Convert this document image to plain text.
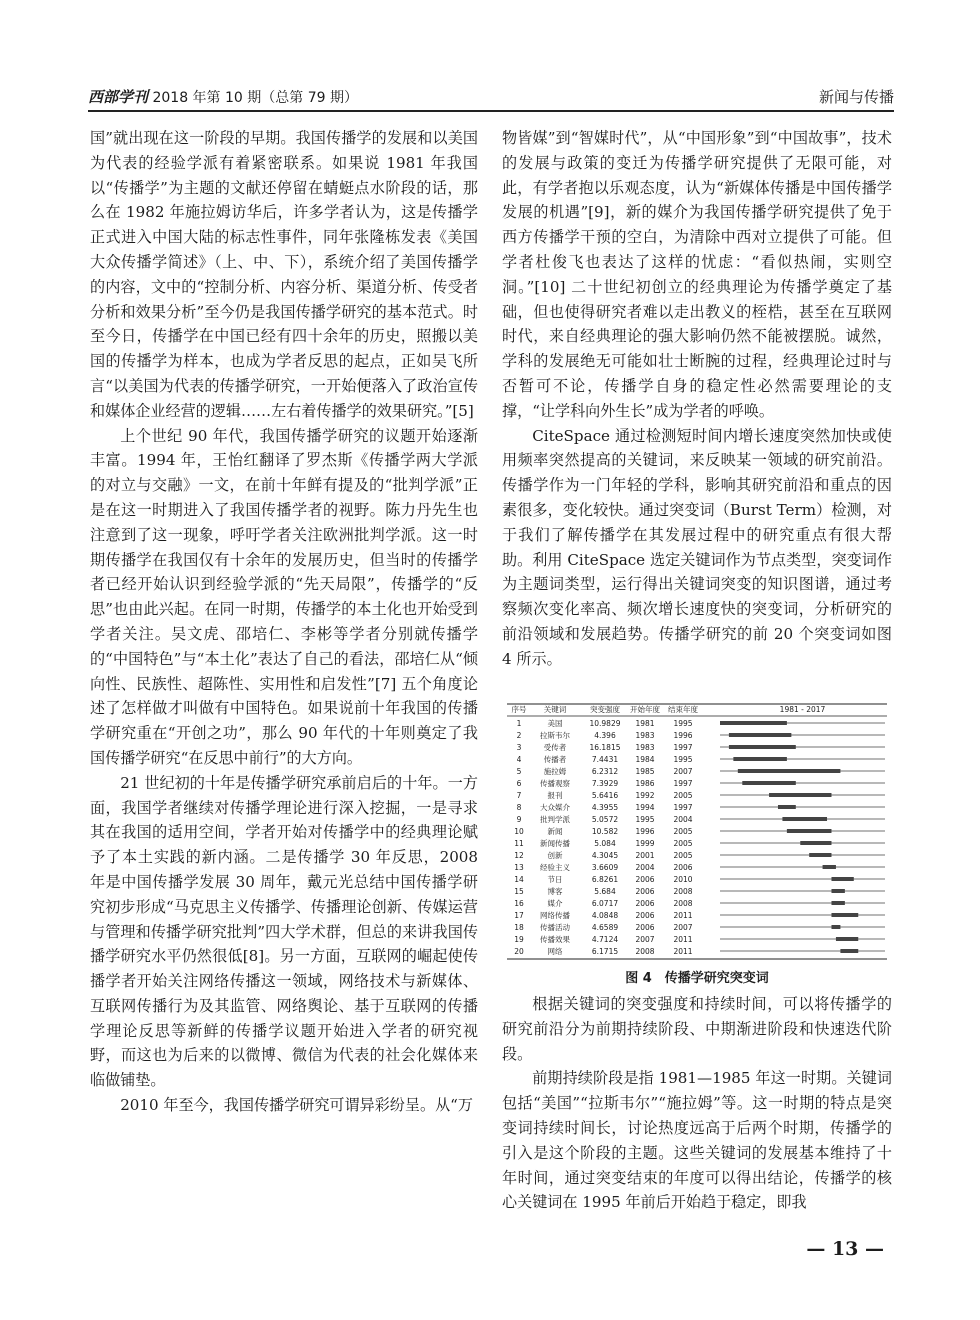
西部学刊 2018 年第 10 期（总第 79 期）	新闻与传播

国”就出现在这一阶段的早期。我国传播学的发展和以美国为代表的经验学派有着紧密联系。如果说 1981 年我国以“传播学”为主题的文献还停留在蜻蜓点水阶段的话，那么在 1982 年施拉姆访华后，许多学者认为，这是传播学正式进入中国大陆的标志性事件，同年张隆栋发表《美国大众传播学简述》（上、中、下），系统介绍了美国传播学的内容，文中的“控制分析、内容分析、渠道分析、传受者分析和效果分析”至今仍是我国传播学研究的基本范式。时至今日，传播学在中国已经有四十余年的历史，照搬以美国的传播学为样本，也成为学者反思的起点，正如吴飞所言“以美国为代表的传播学研究，一开始便落入了政治宣传和媒体企业经营的逻辑……左右着传播学的效果研究。”[5]

上个世纪 90 年代，我国传播学研究的议题开始逐渐丰富。1994 年，王怡红翻译了罗杰斯《传播学两大学派的对立与交融》一文，在前十年鲜有提及的“批判学派”正是在这一时期进入了我国传播学者的视野。陈力丹先生也注意到了这一现象，呼吁学者关注欧洲批判学派。这一时期传播学在我国仅有十余年的发展历史，但当时的传播学者已经开始认识到经验学派的“先天局限”，传播学的“反思”也由此兴起。在同一时期，传播学的本土化也开始受到学者关注。吴文虎、邵培仁、李彬等学者分别就传播学的“中国特色”与“本土化”表达了自己的看法，邵培仁从“倾向性、民族性、超陈性、实用性和启发性”[7] 五个角度论述了怎样做才叫做有中国特色。如果说前十年我国的传播学研究重在“开创之功”，那么 90 年代的十年则奠定了我国传播学研究“在反思中前行”的大方向。

21 世纪初的十年是传播学研究承前启后的十年。一方面，我国学者继续对传播学理论进行深入挖掘，一是寻求其在我国的适用空间，学者开始对传播学中的经典理论赋予了本土实践的新内涵。二是传播学 30 年反思，2008 年是中国传播学发展 30 周年，戴元光总结中国传播学研究初步形成“马克思主义传播学、传播理论创新、传媒运营与管理和传播学研究批判”四大学术群，但总的来讲我国传播学研究水平仍然很低[8]。另一方面，互联网的崛起使传播学者开始关注网络传播这一领域，网络技术与新媒体、互联网传播行为及其监管、网络舆论、基于互联网的传播学理论反思等新鲜的传播学议题开始进入学者的研究视野，而这也为后来的以微博、微信为代表的社会化媒体来临做铺垫。

2010 年至今，我国传播学研究可谓异彩纷呈。从“万

物皆媒”到“智媒时代”，从“中国形象”到“中国故事”，技术的发展与政策的变迁为传播学研究提供了无限可能，对此，有学者抱以乐观态度，认为“新媒体传播是中国传播学发展的机遇”[9]，新的媒介为我国传播学研究提供了免于西方传播学干预的空白，为清除中西对立提供了可能。但学者杜俊飞也表达了这样的忧虑：“看似热闹，实则空洞。”[10] 二十世纪初创立的经典理论为传播学奠定了基础，但也使得研究者难以走出教义的桎梏，甚至在互联网时代，来自经典理论的强大影响仍然不能被摆脱。诚然，学科的发展绝无可能如壮士断腕的过程，经典理论过时与否暂可不论，传播学自身的稳定性必然需要理论的支撑，“让学科向外生长”成为学者的呼唤。

CiteSpace 通过检测短时间内增长速度突然加快或使用频率突然提高的关键词，来反映某一领域的研究前沿。传播学作为一门年轻的学科，影响其研究前沿和重点的因素很多，变化较快。通过突变词（Burst Term）检测，对于我们了解传播学在其发展过程中的研究重点有很大帮助。利用 CiteSpace 选定关键词作为节点类型，突变词作为主题词类型，运行得出关键词突变的知识图谱，通过考察频次变化率高、频次增长速度快的突变词，分析研究的前沿领域和发展趋势。传播学研究的前 20 个突变词如图 4 所示。

序号 关键词	突变强度 开始年度 结束年度	1981 - 2017
1	美国	10.9829 1981	1995
2 拉斯韦尔	4.396	1983	1996
3	受传者	16.1815 1983	1997
4	传播者	7.4431 1984	1995
5	施拉姆	6.2312 1985	2007
6 传播观察	7.3929 1986	1997
7	报刊	5.6416 1992	2005
8 大众媒介	4.3955 1994	1997
9 批判学派	5.0572 1995	2004
10	新闻	10.582 1996	2005
11 新闻传播	5.084	1999	2005
12	创新	4.3045 2001	2005
13 经验主义	3.6609 2004	2006
14	节日	6.8261 2006	2010
15	博客	5.684	2006	2008
16	媒介	6.0717 2006	2008
17 网络传播	4.0848 2006	2011
18 传播活动	4.6589 2006	2007
19 传播效果	4.7124 2007	2011
20	网络	6.1715 2008	2011
图 4　传播学研究突变词

根据关键词的突变强度和持续时间，可以将传播学的研究前沿分为前期持续阶段、中期渐进阶段和快速迭代阶段。

前期持续阶段是指 1981—1985 年这一时期。关键词包括“美国”“拉斯韦尔”“施拉姆”等。这一时期的特点是突变词持续时间长，讨论热度远高于后两个时期，传播学的引入是这个阶段的主题。这些关键词的发展基本维持了十年时间，通过突变结束的年度可以得出结论，传播学的核心关键词在 1995 年前后开始趋于稳定，即我

— 13 —
